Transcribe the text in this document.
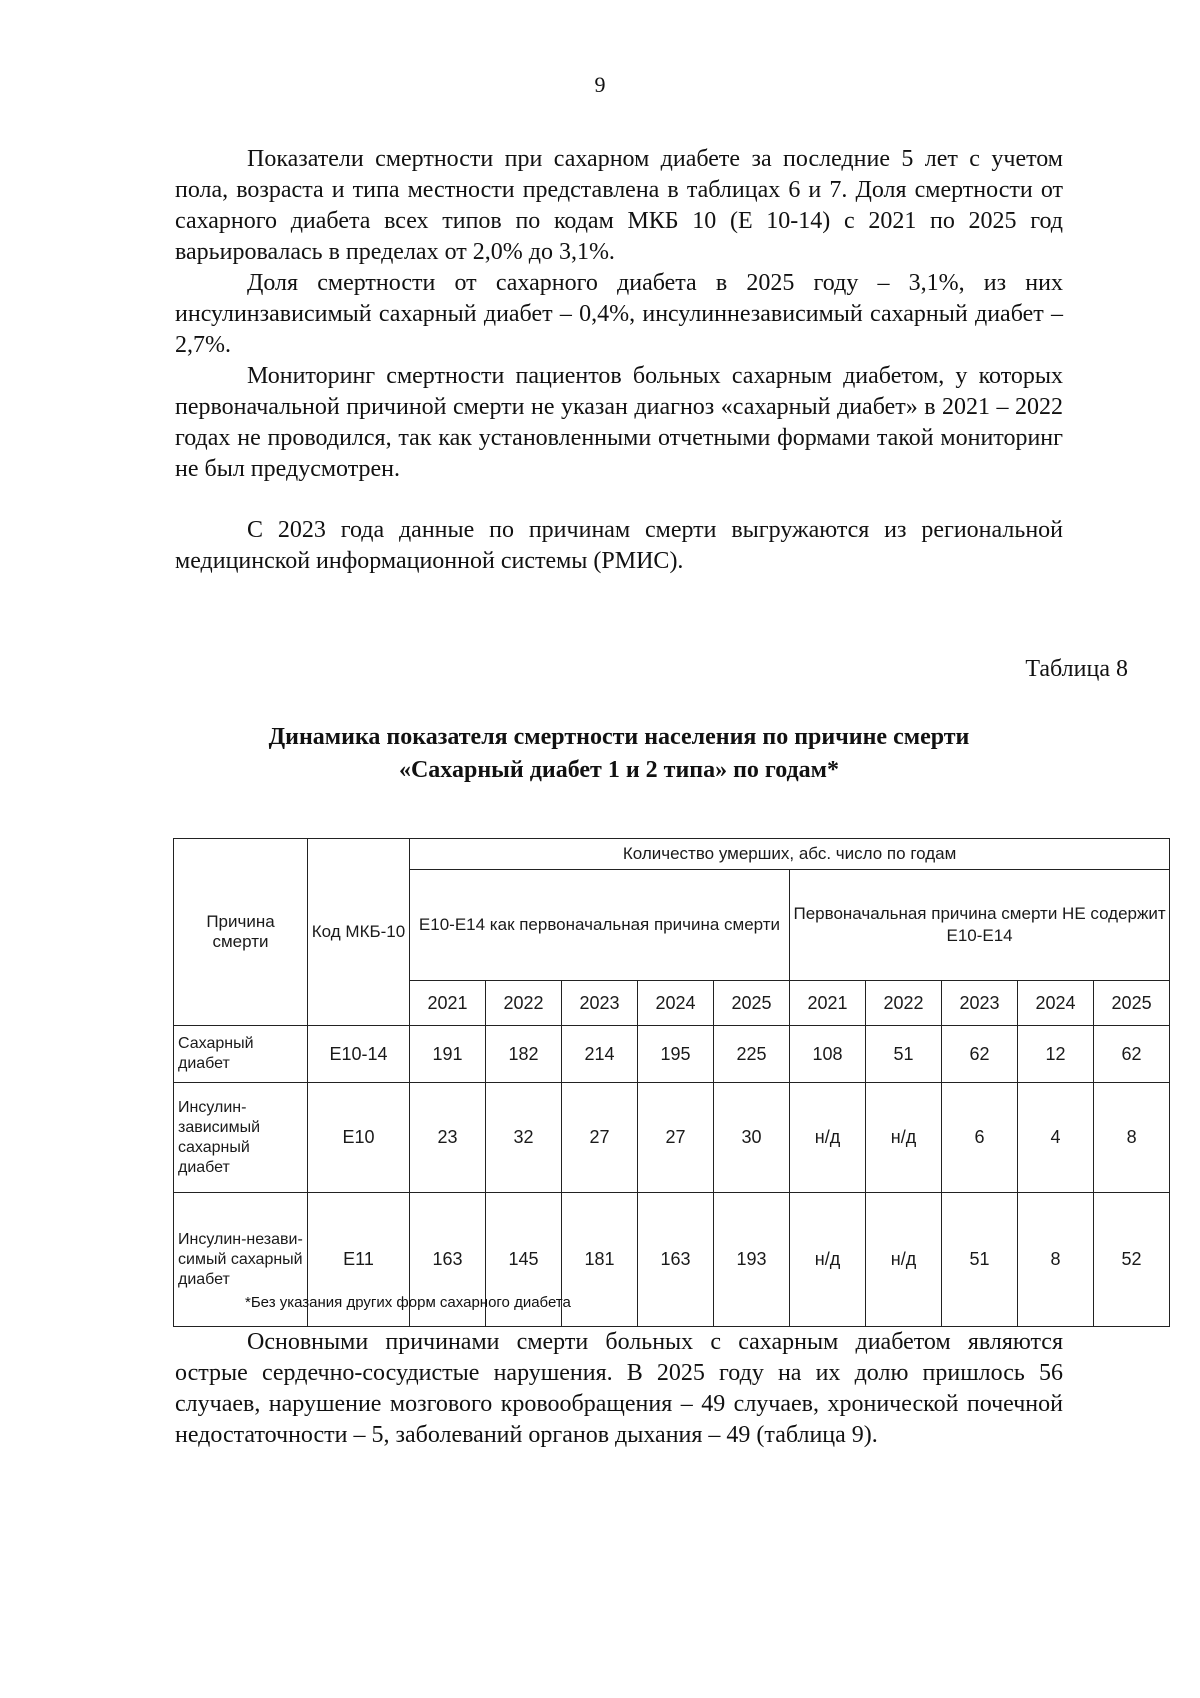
9

Показатели смертности при сахарном диабете за последние 5 лет с учетом пола, возраста и типа местности представлена в таблицах 6 и 7. Доля смертности от сахарного диабета всех типов по кодам МКБ 10 (Е 10-14) с 2021 по 2025 год варьировалась в пределах от 2,0% до 3,1%.

Доля смертности от сахарного диабета в 2025 году – 3,1%, из них инсулинзависимый сахарный диабет – 0,4%, инсулиннезависимый сахарный диабет – 2,7%.

Мониторинг смертности пациентов больных сахарным диабетом, у которых первоначальной причиной смерти не указан диагноз «сахарный диабет» в 2021 – 2022 годах не проводился, так как установленными отчетными формами такой мониторинг не был предусмотрен.

С 2023 года данные по причинам смерти выгружаются из региональной медицинской информационной системы (РМИС).

Таблица 8
Динамика показателя смертности населения по причине смерти
«Сахарный диабет 1 и 2 типа» по годам*
Причина смерти	Код МКБ-10	Количество умерших, абс. число по годам									
		Е10-Е14 как первоначальная причина смерти					Первоначальная причина смерти НЕ содержит Е10-Е14				
		2021	2022	2023	2024	2025	2021	2022	2023	2024	2025
Сахарный диабет	Е10-14	191	182	214	195	225	108	51	62	12	62
Инсулин-зависимый сахарный диабет	Е10	23	32	27	27	30	н/д	н/д	6	4	8
Инсулин-незави-симый сахарный диабет	Е11	163	145	181	163	193	н/д	н/д	51	8	52
*Без указания других форм сахарного диабета

Основными причинами смерти больных с сахарным диабетом являются острые сердечно-сосудистые нарушения. В 2025 году на их долю пришлось 56 случаев, нарушение мозгового кровообращения – 49 случаев, хронической почечной недостаточности – 5, заболеваний органов дыхания – 49 (таблица 9).
